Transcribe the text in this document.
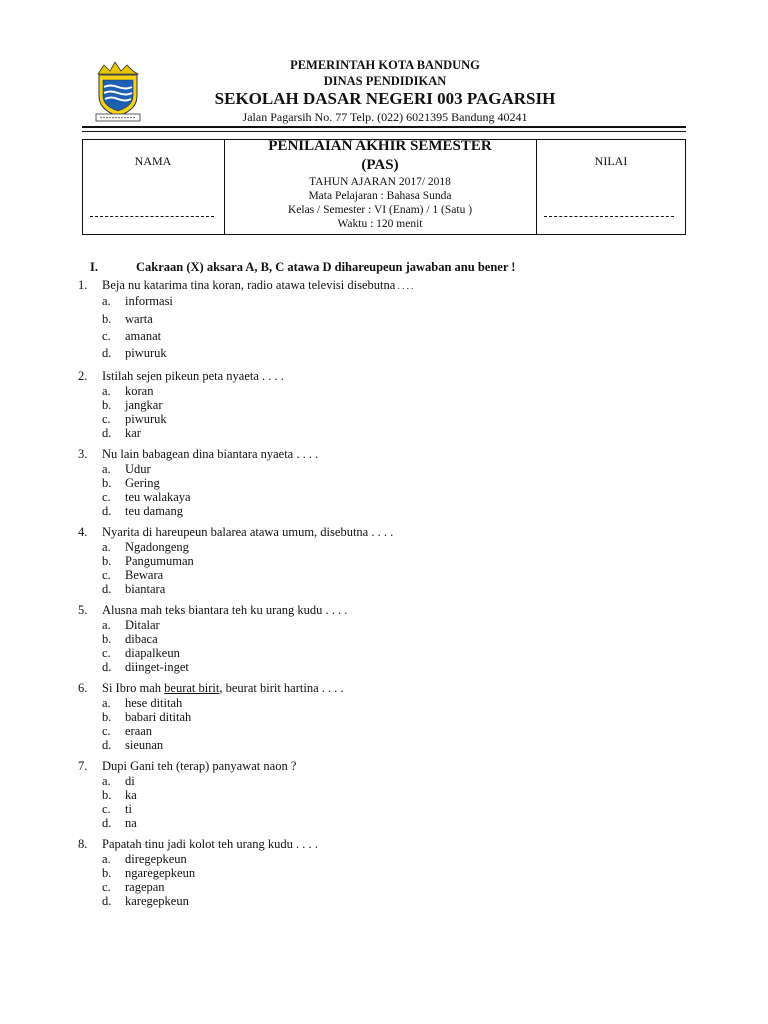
PEMERINTAH KOTA BANDUNG
DINAS PENDIDIKAN
SEKOLAH DASAR NEGERI 003 PAGARSIH
Jalan Pagarsih No. 77 Telp. (022) 6021395 Bandung 40241
NAMA	NILAI
PENILAIAN AKHIR SEMESTER
(PAS)
TAHUN AJARAN 2017/ 2018
Mata Pelajaran : Bahasa Sunda
Kelas / Semester : VI (Enam) / 1 (Satu )
Waktu : 120 menit
I.	Cakraan (X) aksara A, B, C atawa D dihareupeun jawaban anu bener !
1. Beja nu katarima tina koran, radio atawa televisi disebutna . . . .
a. informasi
b. warta
c. amanat
d. piwuruk
2. Istilah sejen pikeun peta nyaeta . . . .
a. koran
b. jangkar
c. piwuruk
d. kar
3. Nu lain babagean dina biantara nyaeta . . . .
a. Udur
b. Gering
c. teu walakaya
d. teu damang
4. Nyarita di hareupeun balarea atawa umum, disebutna . . . .
a. Ngadongeng
b. Pangumuman
c. Bewara
d. biantara
5. Alusna mah teks biantara teh ku urang kudu . . . .
a. Ditalar
b. dibaca
c. diapalkeun
d. diinget-inget
6. Si Ibro mah beurat birit, beurat birit hartina . . . .
a. hese dititah
b. babari dititah
c. eraan
d. sieunan
7. Dupi Gani teh (terap) panyawat naon ?
a. di
b. ka
c. ti
d. na
8. Papatah tinu jadi kolot teh urang kudu . . . .
a. diregepkeun
b. ngaregepkeun
c. ragepan
d. karegepkeun
